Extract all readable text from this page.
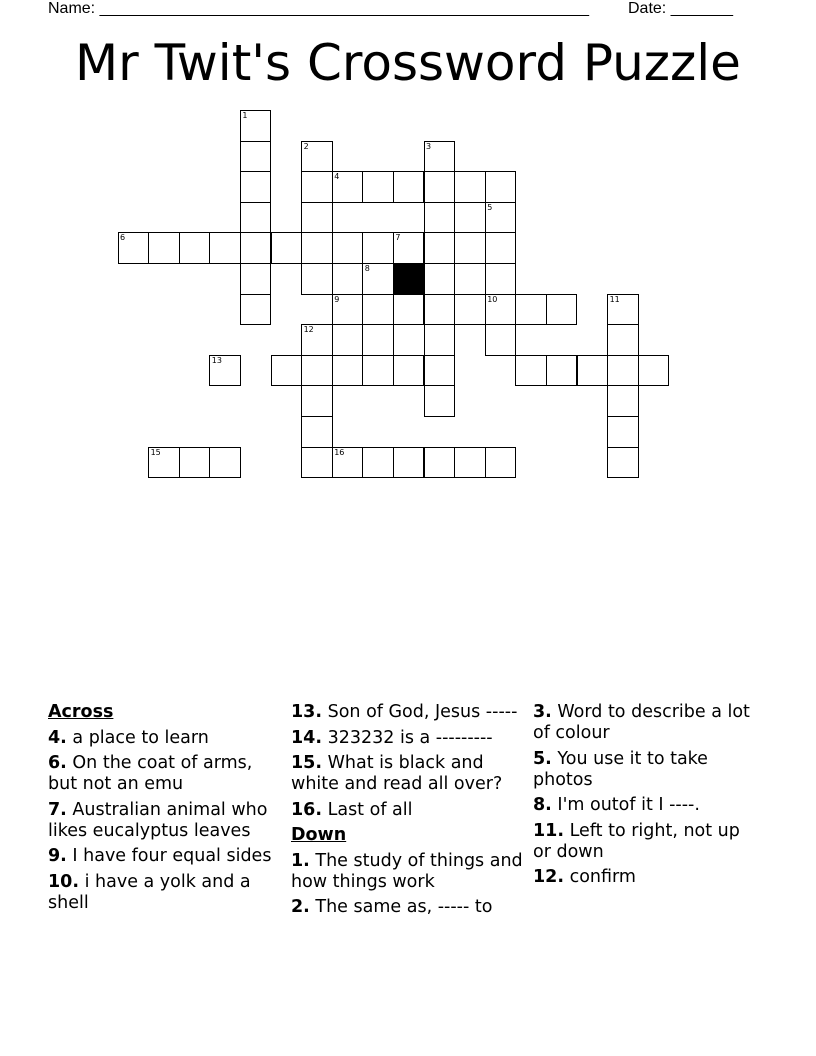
Name: _______________________________________________________ Date: _______
Mr Twit's Crossword Puzzle
1
2	3
5
10
12
8
11
4
6	7
9
13
15	16
Across
4. a place to learn
6. On the coat of arms, but not an emu
7. Australian animal who likes eucalyptus leaves
9. I have four equal sides
10. i have a yolk and a shell
13. Son of God, Jesus -----
14. 323232 is a ---------
15. What is black and white and read all over?
16. Last of all
Down
1. The study of things and how things work
2. The same as, ----- to
3. Word to describe a lot of colour
5. You use it to take photos
8. I'm outof it I ----.
11. Left to right, not up or down
12. confirm
